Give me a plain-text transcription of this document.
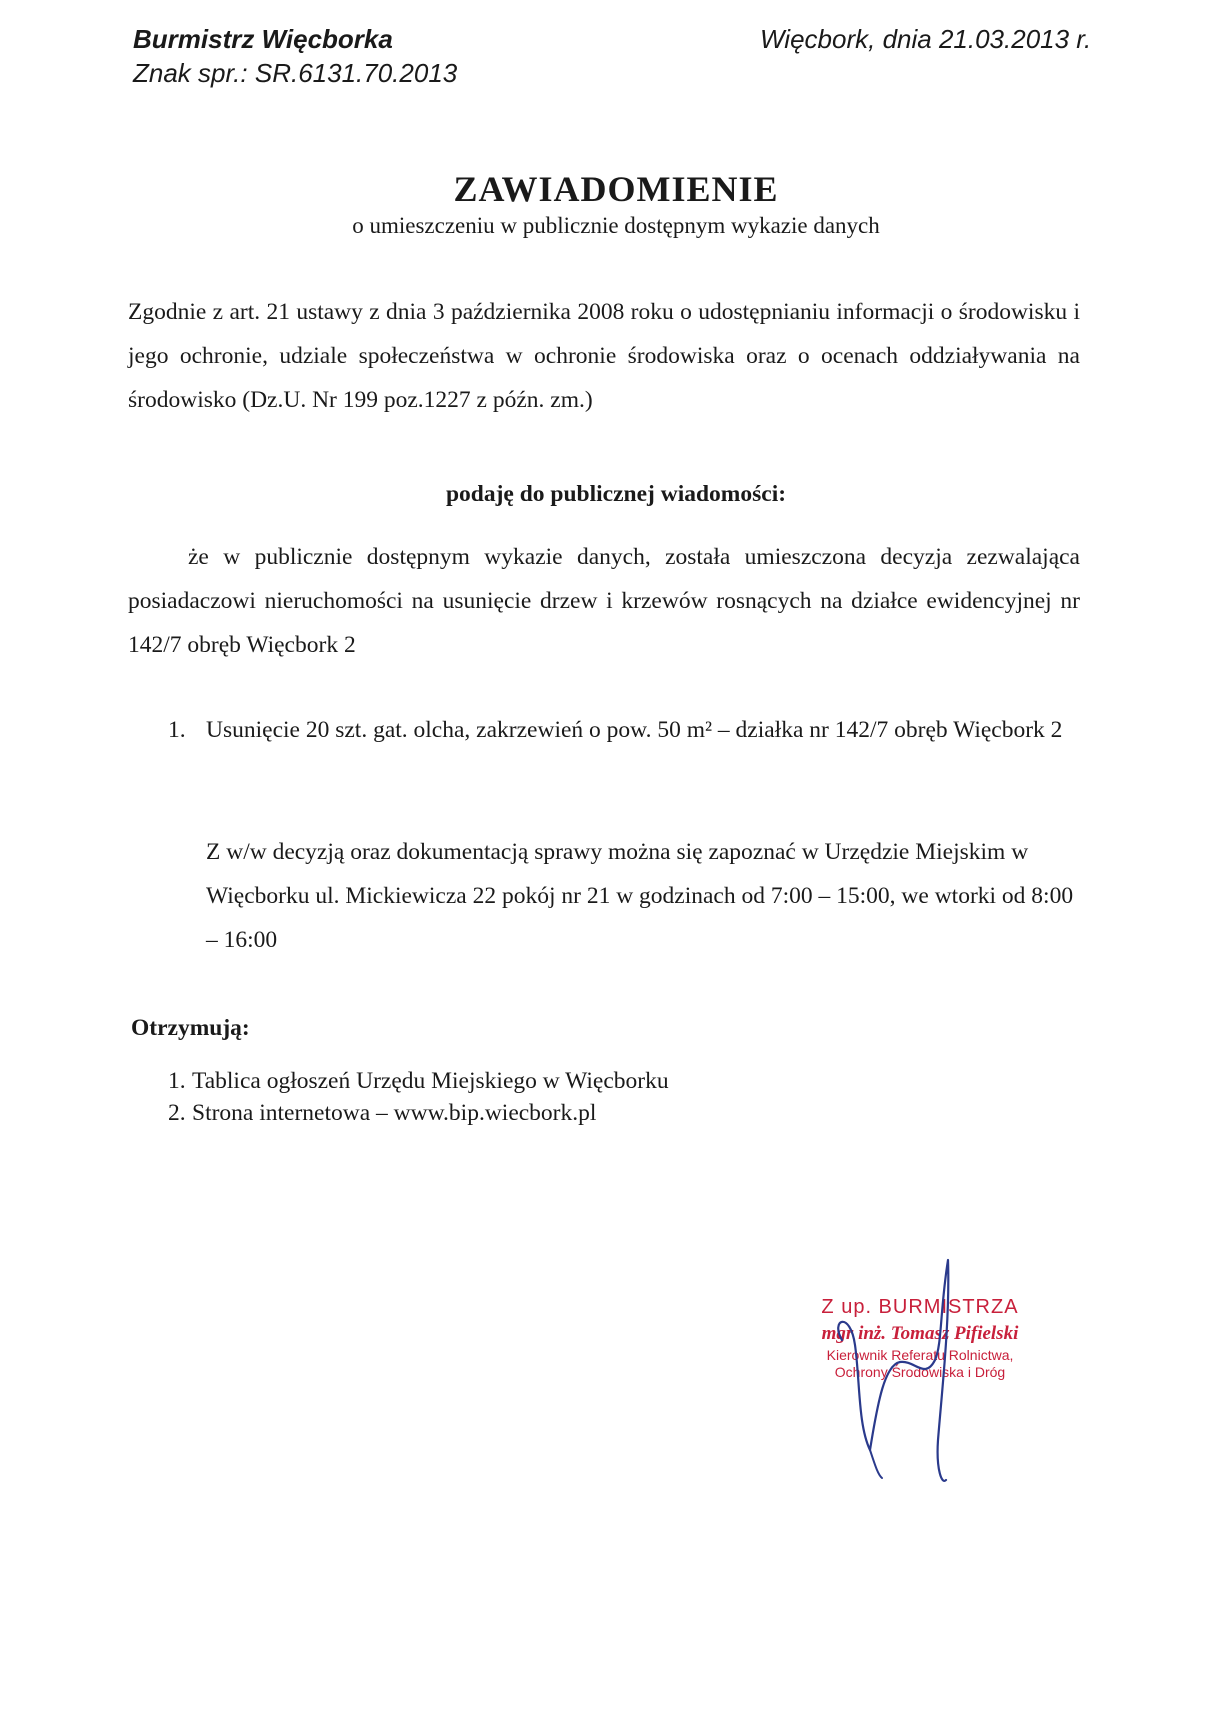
Burmistrz Więcborka
Znak spr.: SR.6131.70.2013
Więcbork, dnia 21.03.2013 r.
ZAWIADOMIENIE
o umieszczeniu w publicznie dostępnym wykazie danych
Zgodnie z art. 21 ustawy z dnia 3 października 2008 roku o udostępnianiu informacji o środowisku i jego ochronie, udziale społeczeństwa w ochronie środowiska oraz o ocenach oddziaływania na środowisko (Dz.U. Nr 199 poz.1227 z późn. zm.)
podaję do publicznej wiadomości:
że w publicznie dostępnym wykazie danych, została umieszczona decyzja zezwalająca posiadaczowi nieruchomości na usunięcie drzew i krzewów rosnących na działce ewidencyjnej nr 142/7 obręb Więcbork 2
1. Usunięcie 20 szt. gat. olcha, zakrzewień o pow. 50 m² – działka nr 142/7 obręb Więcbork 2
Z w/w decyzją oraz dokumentacją sprawy można się zapoznać w Urzędzie Miejskim w Więcborku ul. Mickiewicza 22 pokój nr 21 w godzinach od 7:00 – 15:00, we wtorki od 8:00 – 16:00
Otrzymują:
1. Tablica ogłoszeń Urzędu Miejskiego w Więcborku
2. Strona internetowa – www.bip.wiecbork.pl
Z up. BURMISTRZA
mgr inż. Tomasz Pifielski
Kierownik Referatu Rolnictwa,
Ochrony Środowiska i Dróg
